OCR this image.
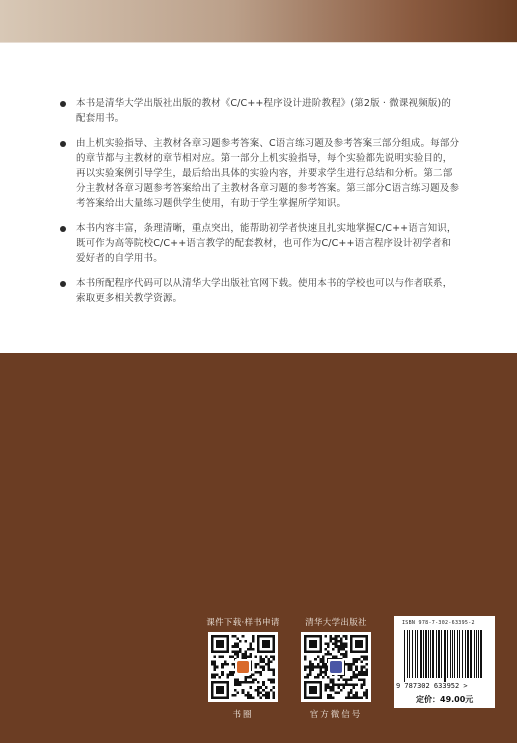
本书是清华大学出版社出版的教材《C/C++程序设计进阶教程》(第2版 · 微课视频版)的配套用书。
由上机实验指导、主教材各章习题参考答案、C语言练习题及参考答案三部分组成。每部分的章节都与主教材的章节相对应。第一部分上机实验指导，每个实验都先说明实验目的，再以实验案例引导学生，最后给出具体的实验内容，并要求学生进行总结和分析。第二部分主教材各章习题参考答案给出了主教材各章习题的参考答案。第三部分C语言练习题及参考答案给出大量练习题供学生使用，有助于学生掌握所学知识。
本书内容丰富，条理清晰，重点突出，能帮助初学者快速且扎实地掌握C/C++语言知识，既可作为高等院校C/C++语言教学的配套教材，也可作为C/C++语言程序设计初学者和爱好者的自学用书。
本书所配程序代码可以从清华大学出版社官网下载。使用本书的学校也可以与作者联系，索取更多相关教学资源。
课件下载·样书申请
书圈
清华大学出版社
官方微信号
ISBN 978-7-302-63395-2
9 787302 633952 >
定价：49.00元
